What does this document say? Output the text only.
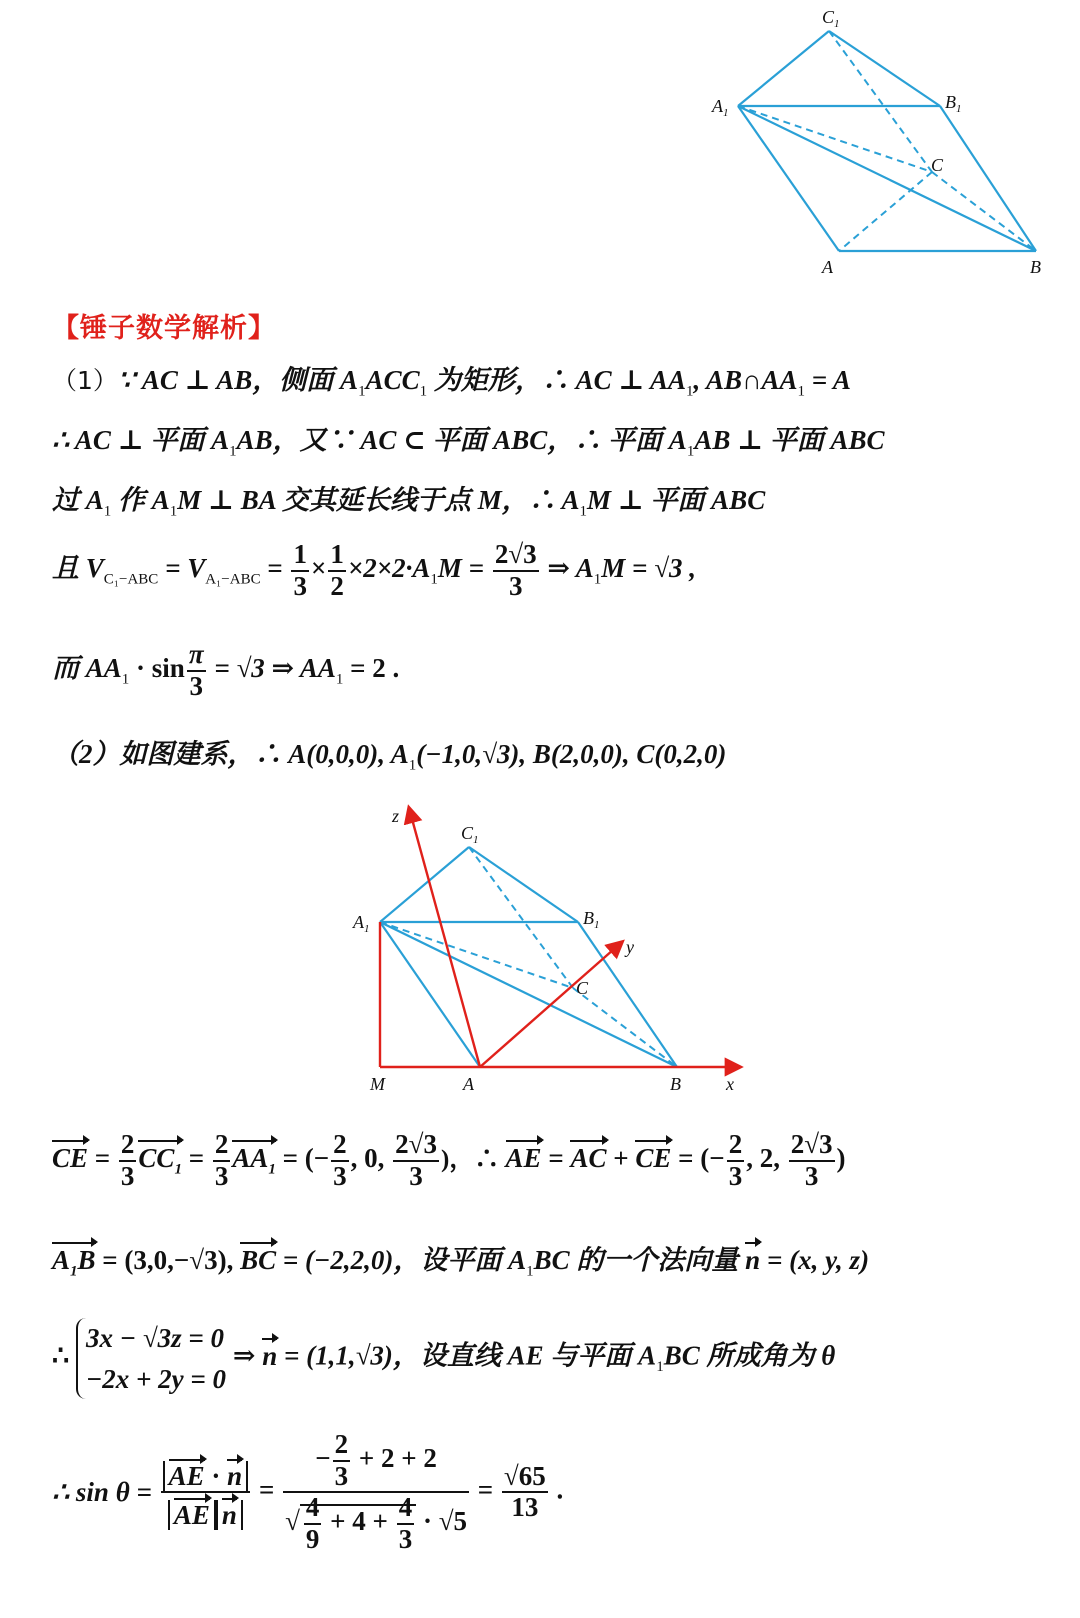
$C_1$
$A_1$
$B_1$
C
A	B
【锤子数学解析】
（1）∵ AC ⊥ AB，侧面 $A_1ACC_1$ 为矩形，∴ AC ⊥ $AA_1$, $AB\cap AA_1 = A$
∴ AC ⊥ 平面 $A_1AB$，又∵ AC ⊂ 平面 ABC，∴ 平面 $A_1AB$ ⊥ 平面 ABC
过 $A_1$ 作 $A_1M$ ⊥ BA 交其延长线于点 M，∴ $A_1M$ ⊥ 平面 ABC
且 $V_{C_1-ABC} = V_{A_1-ABC} = \frac{1}{3} \times \frac{1}{2} \times 2\times 2\cdot A_1M = \frac{2√3}{3}$ ⇒ $A_1M = √3$ ,
而 $AA_1 \cdot \sin \frac{\pi}{3} = √3$ ⇒ $AA_1 = 2$ .
（2）如图建系，∴ A(0,0,0), $A_1(-1,0,√3)$, B(2,0,0), C(0,2,0)
z
$C_1$
$A_1$
$B_1$
y
C
M	A	B	x
CE = $\frac{2}{3} CC_1 = \frac{2}{3} AA_1$ = (− $\frac{2}{3}$ , 0, $\frac{2√3}{3}$ )，∴ AE = AC + CE = (− $\frac{2}{3}$ , 2, $\frac{2√3}{3}$ )
$A_1B = (3,0,-√3)$, BC = (−2,2,0)，设平面 $A_1BC$ 的一个法向量 n = (x, y, z)
∴
3x − √3z = 0
−2x + 2y = 0
⇒ n = (1,1,√3)，设直线 AE 与平面 $A_1BC$ 所成角为 θ
∴ $\sin \theta = \frac{AE \cdot n}{\text{AE n}} = \frac{- \frac{2}{3} + 2 + 2}{√ \frac{4}{9} + 4 + \frac{4}{3} \cdot √5} = \frac{√65}{13}$ .
